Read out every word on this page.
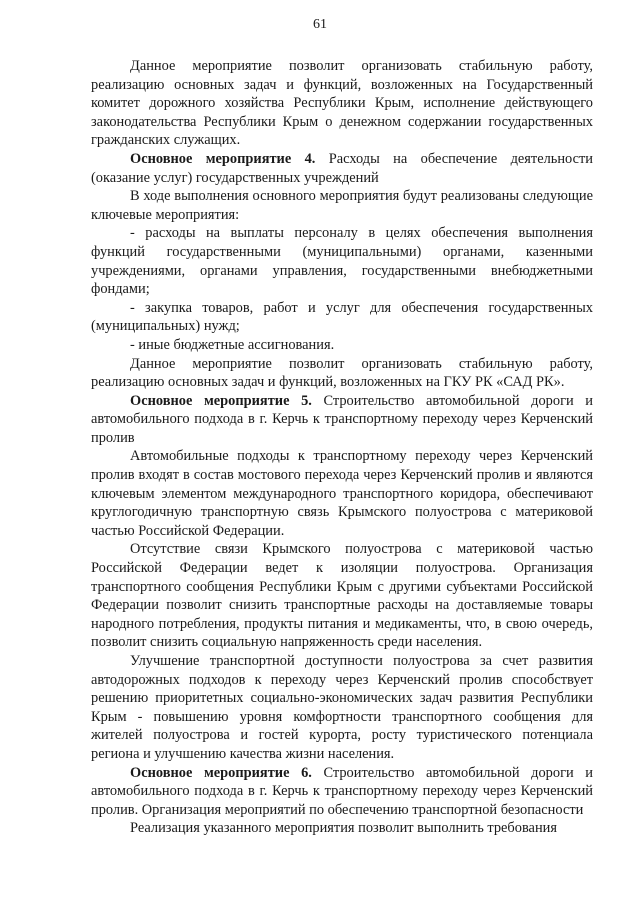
61

Данное мероприятие позволит организовать стабильную работу, реализацию основных задач и функций, возложенных на Государственный комитет дорожного хозяйства Республики Крым, исполнение действующего законодательства Республики Крым о денежном содержании государственных гражданских служащих.

Основное мероприятие 4. Расходы на обеспечение деятельности (оказание услуг) государственных учреждений

В ходе выполнения основного мероприятия будут реализованы следующие ключевые мероприятия:

- расходы на выплаты персоналу в целях обеспечения выполнения функций государственными (муниципальными) органами, казенными учреждениями, органами управления, государственными внебюджетными фондами;

- закупка товаров, работ и услуг для обеспечения государственных (муниципальных) нужд;

- иные бюджетные ассигнования.

Данное мероприятие позволит организовать стабильную работу, реализацию основных задач и функций, возложенных на ГКУ РК «САД РК».

Основное мероприятие 5. Строительство автомобильной дороги и автомобильного подхода в г. Керчь к транспортному переходу через Керченский пролив

Автомобильные подходы к транспортному переходу через Керченский пролив входят в состав мостового перехода через Керченский пролив и являются ключевым элементом международного транспортного коридора, обеспечивают круглогодичную транспортную связь Крымского полуострова с материковой частью Российской Федерации.

Отсутствие связи Крымского полуострова с материковой частью Российской Федерации ведет к изоляции полуострова. Организация транспортного сообщения Республики Крым с другими субъектами Российской Федерации позволит снизить транспортные расходы на доставляемые товары народного потребления, продукты питания и медикаменты, что, в свою очередь, позволит снизить социальную напряженность среди населения.

Улучшение транспортной доступности полуострова за счет развития автодорожных подходов к переходу через Керченский пролив способствует решению приоритетных социально-экономических задач развития Республики Крым - повышению уровня комфортности транспортного сообщения для жителей полуострова и гостей курорта, росту туристического потенциала региона и улучшению качества жизни населения.

Основное мероприятие 6. Строительство автомобильной дороги и автомобильного подхода в г. Керчь к транспортному переходу через Керченский пролив. Организация мероприятий по обеспечению транспортной безопасности

Реализация указанного мероприятия позволит выполнить требования
